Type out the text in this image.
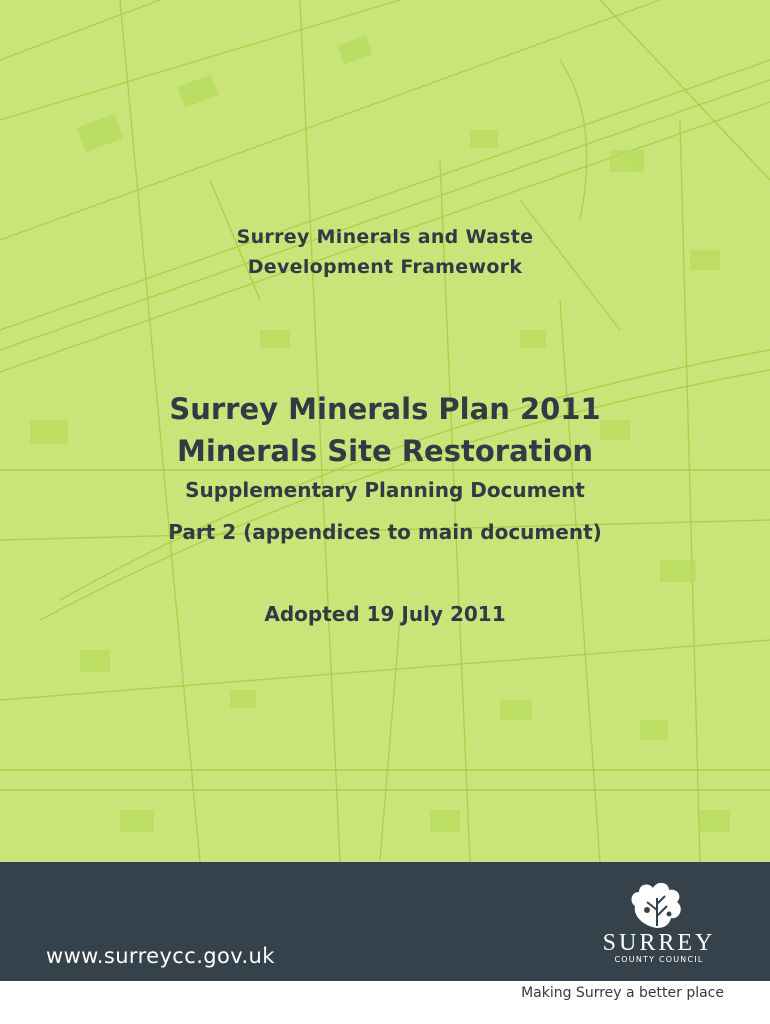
Surrey Minerals and Waste
Development Framework
Surrey Minerals Plan 2011
Minerals Site Restoration
Supplementary Planning Document
Part 2 (appendices to main document)
Adopted 19 July 2011
www.surreycc.gov.uk	SURREY
COUNTY COUNCIL
Making Surrey a better place
